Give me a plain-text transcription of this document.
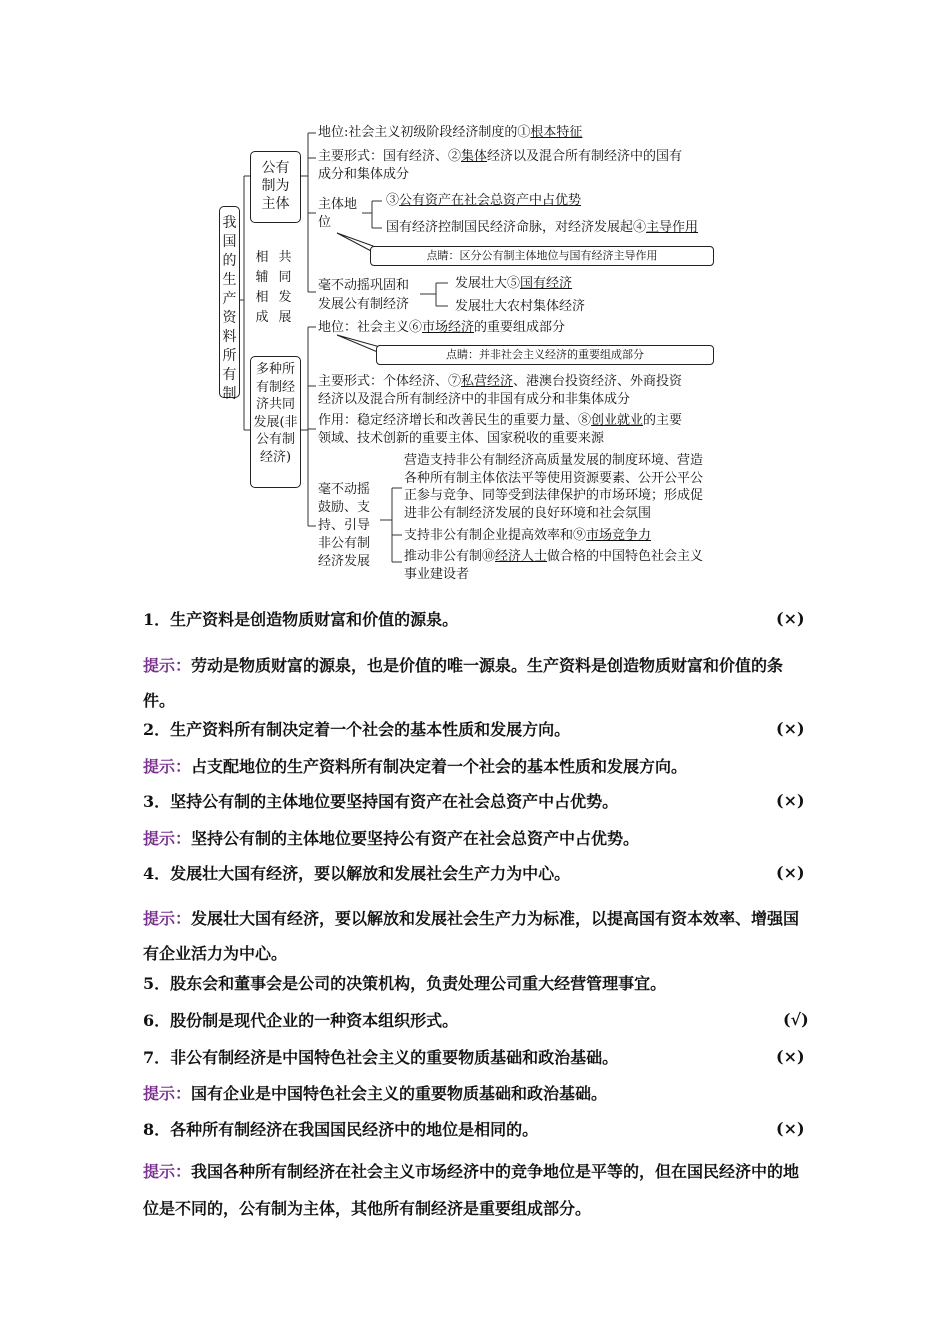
我国的生产资料所有制
公有制为主体
相辅相成
共同发展
多种所有制经济共同发展(非公有制经济)
地位:社会主义初级阶段经济制度的①根本特征
主要形式：国有经济、②集体经济以及混合所有制经济中的国有
成分和集体成分
主体地
位
③公有资产在社会总资产中占优势
国有经济控制国民经济命脉，对经济发展起④主导作用
点睛：区分公有制主体地位与国有经济主导作用
毫不动摇巩固和
发展公有制经济
发展壮大⑤国有经济
发展壮大农村集体经济
地位：社会主义⑥市场经济的重要组成部分
点睛：并非社会主义经济的重要组成部分
主要形式：个体经济、⑦私营经济、港澳台投资经济、外商投资
经济以及混合所有制经济中的非国有成分和非集体成分
作用：稳定经济增长和改善民生的重要力量、⑧创业就业的主要
领域、技术创新的重要主体、国家税收的重要来源
毫不动摇
鼓励、支
持、引导
非公有制
经济发展
营造支持非公有制经济高质量发展的制度环境、营造
各种所有制主体依法平等使用资源要素、公开公平公
正参与竞争、同等受到法律保护的市场环境；形成促
进非公有制经济发展的良好环境和社会氛围
支持非公有制企业提高效率和⑨市场竞争力
推动非公有制⑩经济人士做合格的中国特色社会主义
事业建设者
1．生产资料是创造物质财富和价值的源泉。	(×)
提示：劳动是物质财富的源泉，也是价值的唯一源泉。生产资料是创造物质财富和价值的条件。
2．生产资料所有制决定着一个社会的基本性质和发展方向。	(×)
提示：占支配地位的生产资料所有制决定着一个社会的基本性质和发展方向。
3．坚持公有制的主体地位要坚持国有资产在社会总资产中占优势。	(×)
提示：坚持公有制的主体地位要坚持公有资产在社会总资产中占优势。
4．发展壮大国有经济，要以解放和发展社会生产力为中心。	(×)
提示：发展壮大国有经济，要以解放和发展社会生产力为标准，以提高国有资本效率、增强国有企业活力为中心。
5．股东会和董事会是公司的决策机构，负责处理公司重大经营管理事宜。
6．股份制是现代企业的一种资本组织形式。	(√)
7．非公有制经济是中国特色社会主义的重要物质基础和政治基础。	(×)
提示：国有企业是中国特色社会主义的重要物质基础和政治基础。
8．各种所有制经济在我国国民经济中的地位是相同的。	(×)
提示：我国各种所有制经济在社会主义市场经济中的竞争地位是平等的，但在国民经济中的地位是不同的，公有制为主体，其他所有制经济是重要组成部分。
